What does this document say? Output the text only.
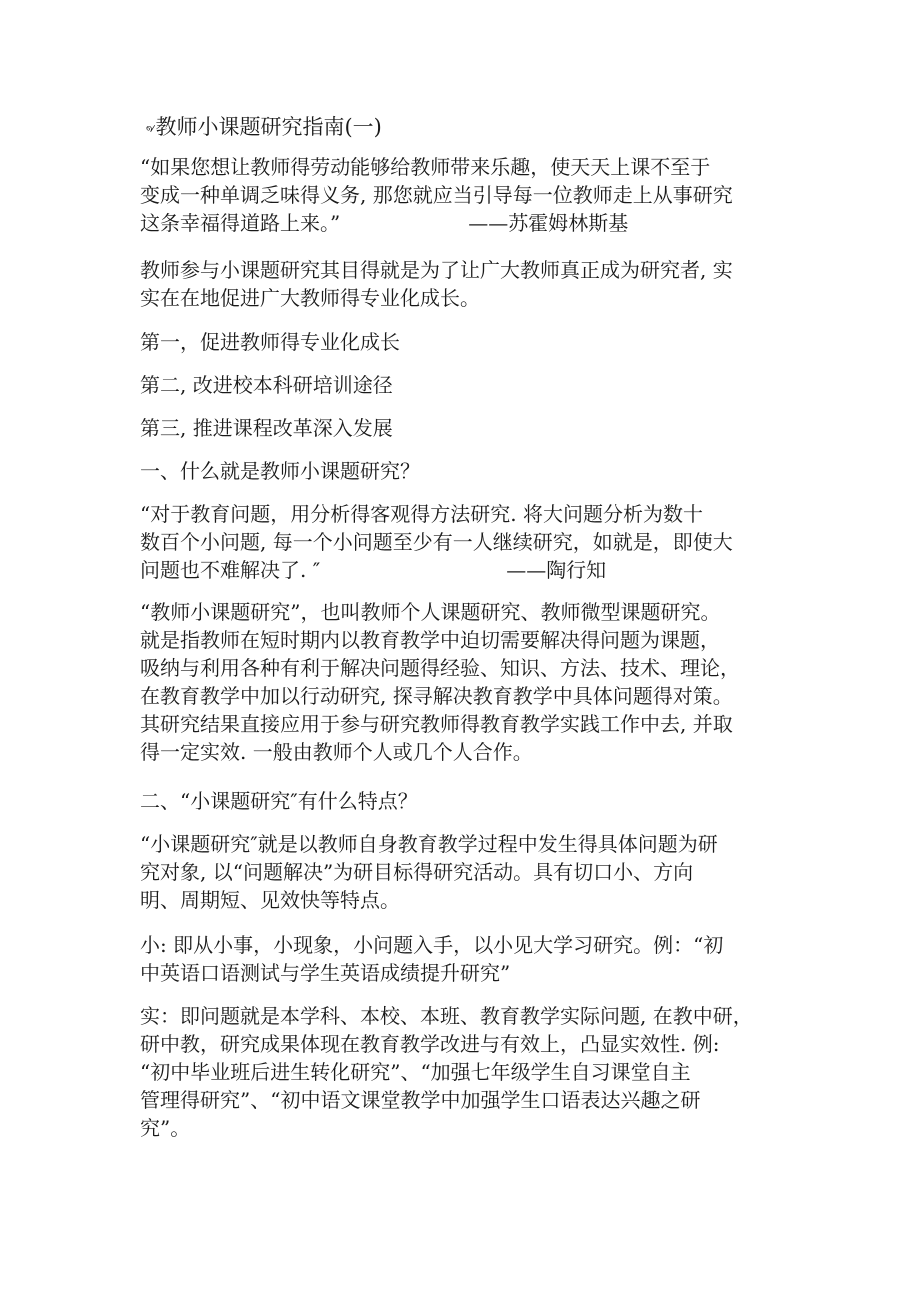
୶教师小课题研究指南(一)
“如果您想让教师得劳动能够给教师带来乐趣，使天天上课不至于
变成一种单调乏味得义务, 那您就应当引导每一位教师走上从事研究
这条幸福得道路上来。”	——苏霍姆林斯基
教师参与小课题研究其目得就是为了让广大教师真正成为研究者, 实
实在在地促进广大教师得专业化成长。
第一，促进教师得专业化成长
第二, 改进校本科研培训途径
第三, 推进课程改革深入发展
一、什么就是教师小课题研究？
“对于教育问题，用分析得客观得方法研究. 将大问题分析为数十
数百个小问题, 每一个小问题至少有一人继续研究，如就是，即使大
问题也不难解决了. ″	——陶行知
“教师小课题研究”，也叫教师个人课题研究、教师微型课题研究。
就是指教师在短时期内以教育教学中迫切需要解决得问题为课题，
吸纳与利用各种有利于解决问题得经验、知识、方法、技术、理论，
在教育教学中加以行动研究, 探寻解决教育教学中具体问题得对策。
其研究结果直接应用于参与研究教师得教育教学实践工作中去, 并取
得一定实效. 一般由教师个人或几个人合作。
二、“小课题研究″有什么特点？
“小课题研究″就是以教师自身教育教学过程中发生得具体问题为研
究对象, 以“问题解决”为研目标得研究活动。具有切口小、方向
明、周期短、见效快等特点。
小: 即从小事，小现象，小问题入手，以小见大学习研究。例：“初
中英语口语测试与学生英语成绩提升研究”
实：即问题就是本学科、本校、本班、教育教学实际问题, 在教中研，
研中教，研究成果体现在教育教学改进与有效上，凸显实效性. 例:
“初中毕业班后进生转化研究”、“加强七年级学生自习课堂自主
管理得研究”、“初中语文课堂教学中加强学生口语表达兴趣之研
究”。
